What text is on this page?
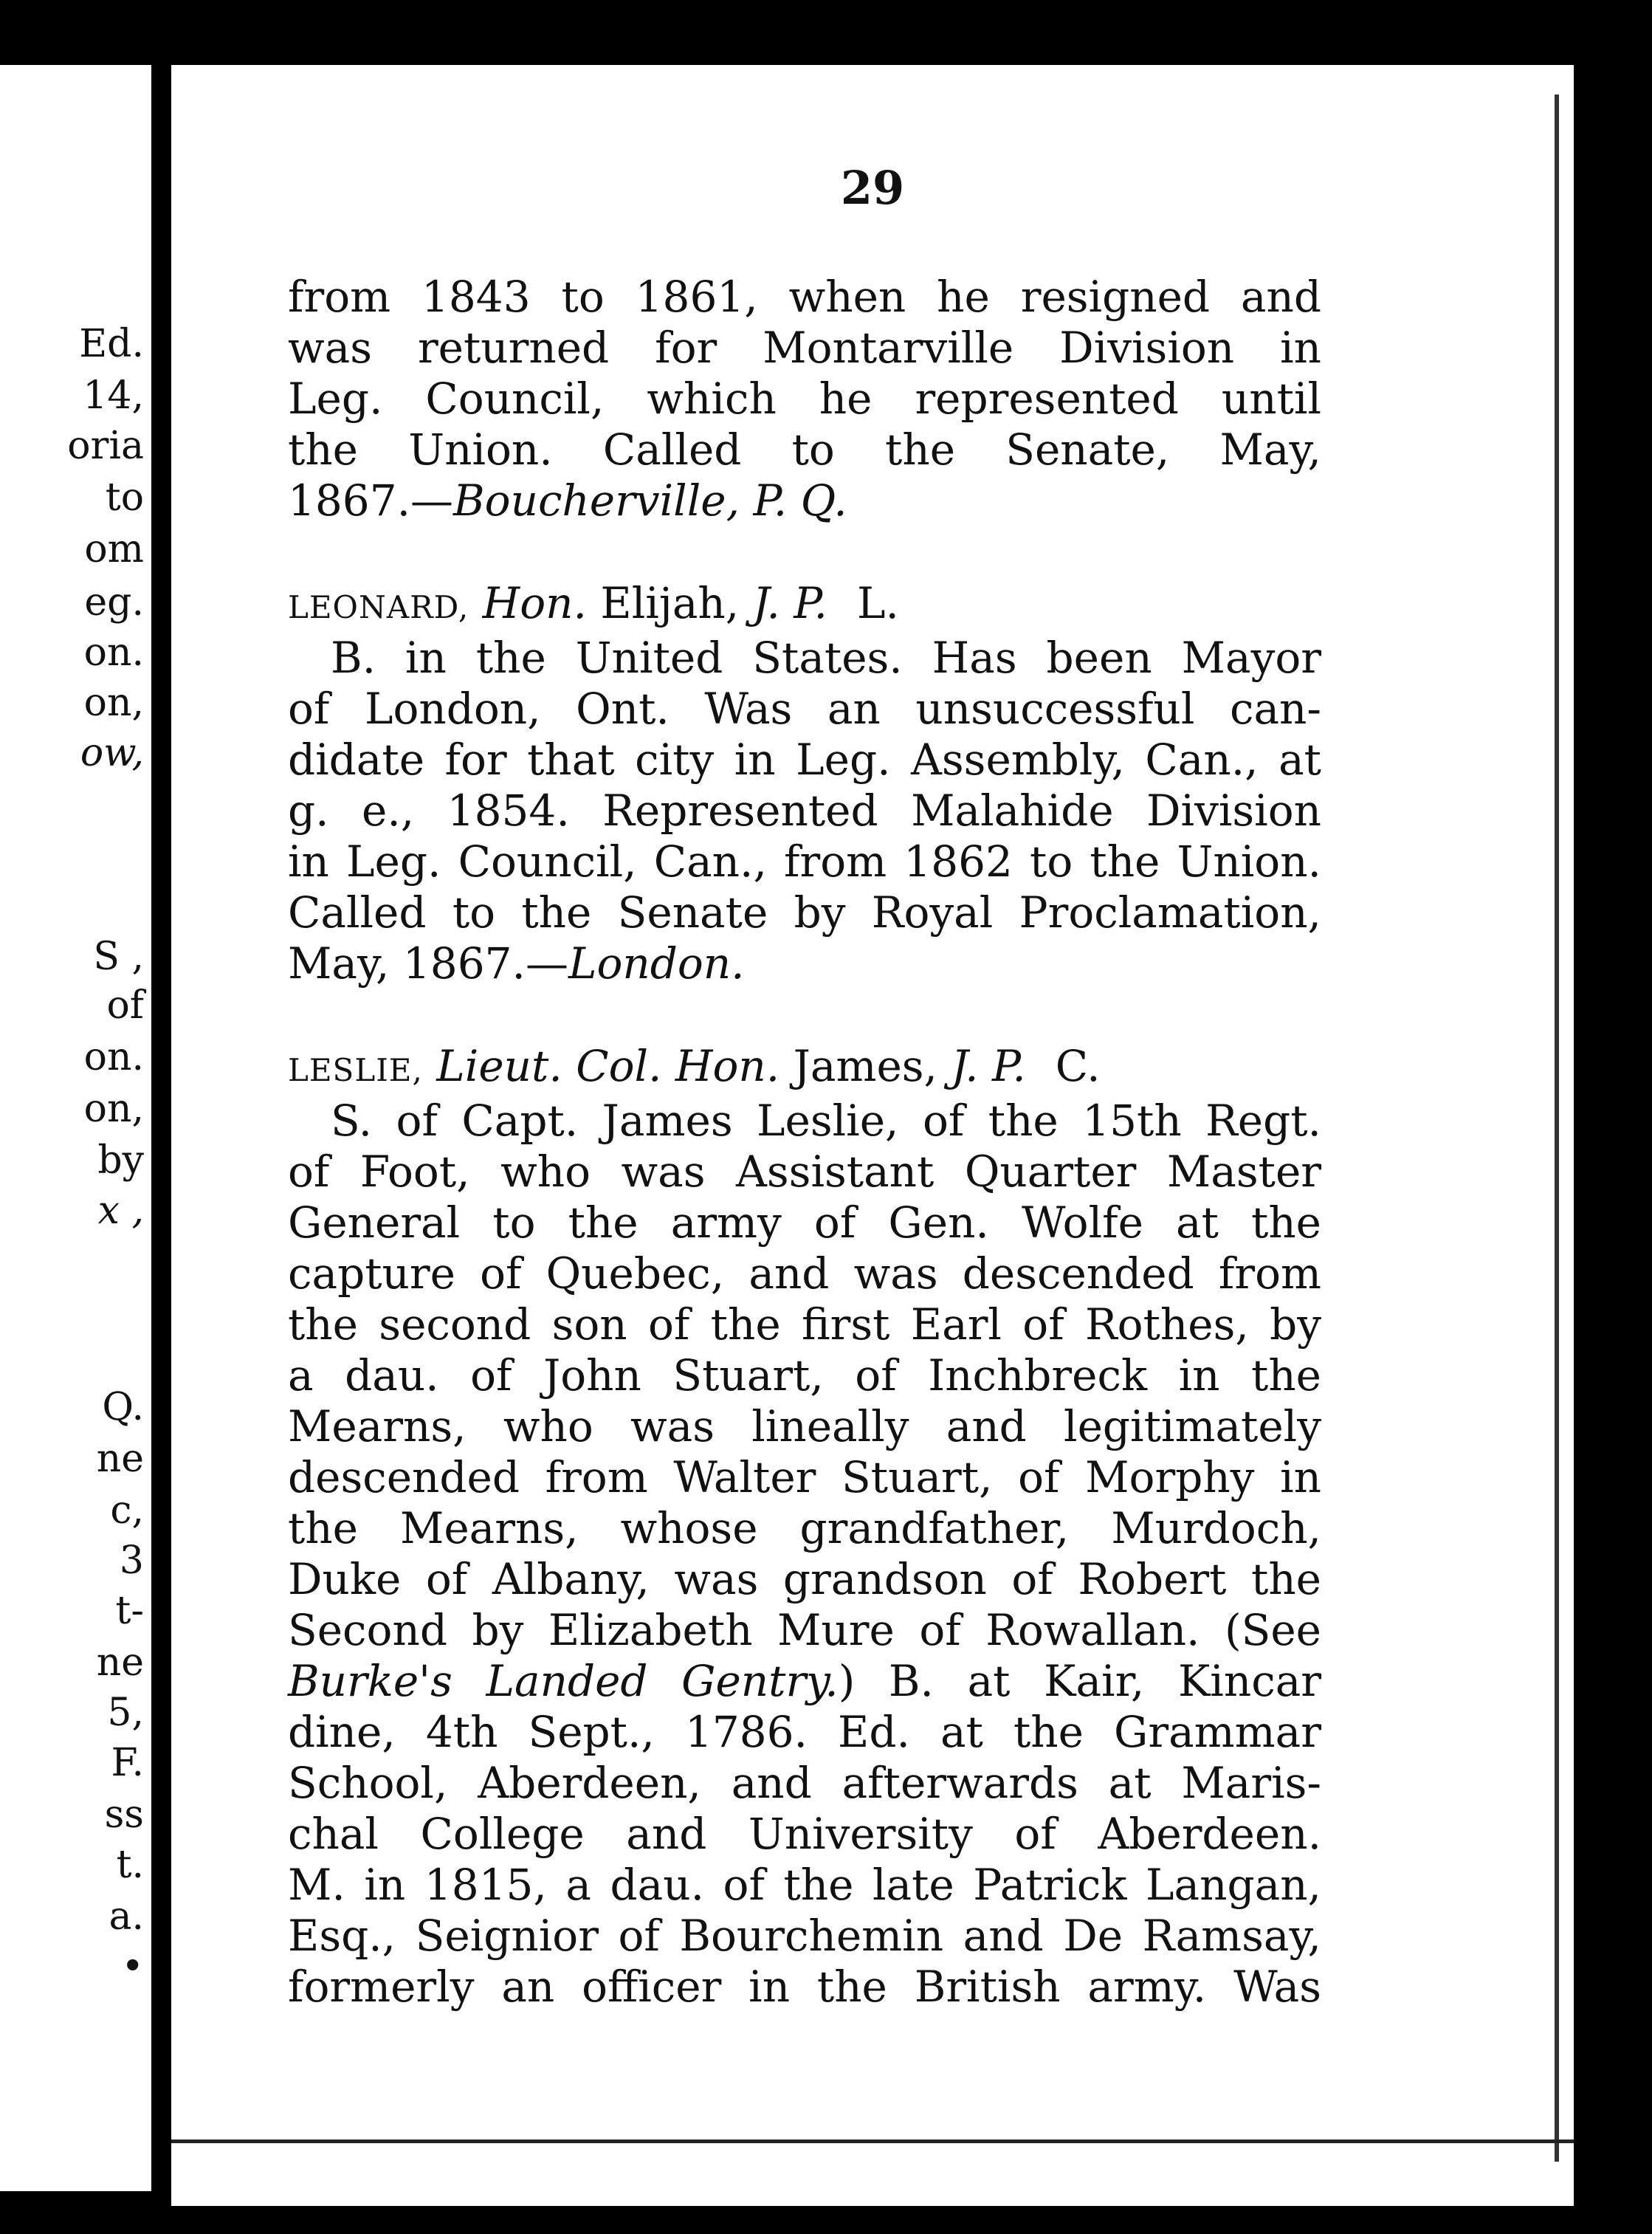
Ed.
14,
oria
to
om
eg.
on.
on,
ow,
S ,
of
on.
on,
by
x ,
Q.
ne
c,
3
t-
ne
5,
F.
ss
t.
a.
•
29
from 1843 to 1861, when he resigned and
was returned for Montarville Division in
Leg. Council, which he represented until
the Union. Called to the Senate, May,
1867.—Boucherville, P. Q.
LEONARD, Hon. Elijah, J. P. L.
B. in the United States. Has been Mayor
of London, Ont. Was an unsuccessful can-
didate for that city in Leg. Assembly, Can., at
g. e., 1854. Represented Malahide Division
in Leg. Council, Can., from 1862 to the Union.
Called to the Senate by Royal Proclamation,
May, 1867.—London.
LESLIE, Lieut. Col. Hon. James, J. P. C.
S. of Capt. James Leslie, of the 15th Regt.
of Foot, who was Assistant Quarter Master
General to the army of Gen. Wolfe at the
capture of Quebec, and was descended from
the second son of the first Earl of Rothes, by
a dau. of John Stuart, of Inchbreck in the
Mearns, who was lineally and legitimately
descended from Walter Stuart, of Morphy in
the Mearns, whose grandfather, Murdoch,
Duke of Albany, was grandson of Robert the
Second by Elizabeth Mure of Rowallan. (See
Burke's Landed Gentry.) B. at Kair, Kincar
dine, 4th Sept., 1786. Ed. at the Grammar
School, Aberdeen, and afterwards at Maris-
chal College and University of Aberdeen.
M. in 1815, a dau. of the late Patrick Langan,
Esq., Seignior of Bourchemin and De Ramsay,
formerly an officer in the British army. Was
